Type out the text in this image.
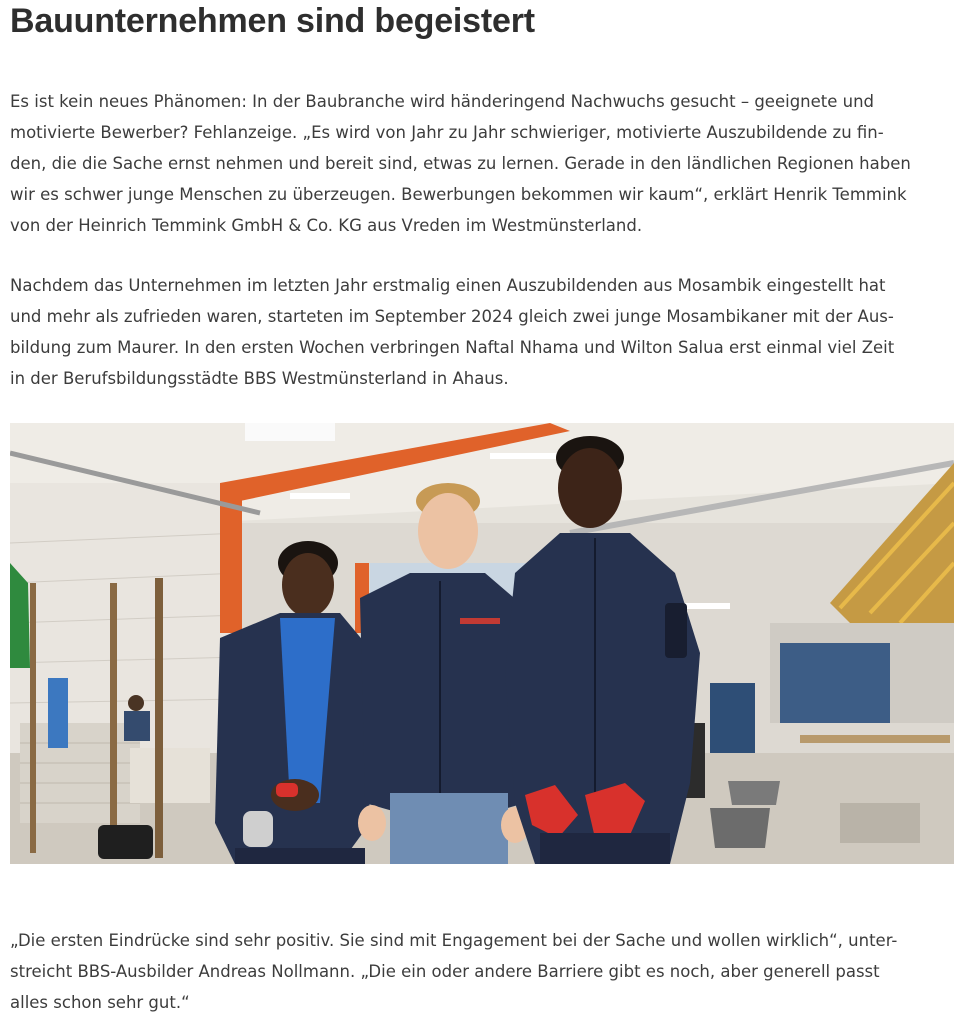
Bauunternehmen sind begeistert
Es ist kein neues Phänomen: In der Baubranche wird händeringend Nachwuchs gesucht – geeignete und
motivierte Bewerber? Fehlanzeige. „Es wird von Jahr zu Jahr schwieriger, motivierte Auszubildende zu fin-
den, die die Sache ernst nehmen und bereit sind, etwas zu lernen. Gerade in den ländlichen Regionen haben
wir es schwer junge Menschen zu überzeugen. Bewerbungen bekommen wir kaum“, erklärt Henrik Temmink
von der Heinrich Temmink GmbH & Co. KG aus Vreden im Westmünsterland.
Nachdem das Unternehmen im letzten Jahr erstmalig einen Auszubildenden aus Mosambik eingestellt hat
und mehr als zufrieden waren, starteten im September 2024 gleich zwei junge Mosambikaner mit der Aus-
bildung zum Maurer. In den ersten Wochen verbringen Naftal Nhama und Wilton Salua erst einmal viel Zeit
in der Berufsbildungsstädte BBS Westmünsterland in Ahaus.
„Die ersten Eindrücke sind sehr positiv. Sie sind mit Engagement bei der Sache und wollen wirklich“, unter-
streicht BBS-Ausbilder Andreas Nollmann. „Die ein oder andere Barriere gibt es noch, aber generell passt
alles schon sehr gut.“
